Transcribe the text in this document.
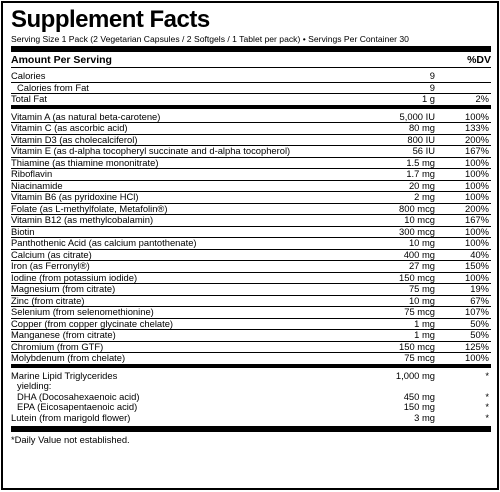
Supplement Facts
Serving Size 1 Pack (2 Vegetarian Capsules / 2 Softgels / 1 Tablet per pack) • Servings Per Container 30
Amount Per Serving	%DV
Calories	9
Calories from Fat	9
Total Fat	1 g	2%
Vitamin A (as natural beta-carotene)	5,000 IU	100%
Vitamin C (as ascorbic acid)	80 mg	133%
Vitamin D3 (as cholecalciferol)	800 IU	200%
Vitamin E (as d-alpha tocopheryl succinate and d-alpha tocopherol)	56 IU	167%
Thiamine (as thiamine mononitrate)	1.5 mg	100%
Riboflavin	1.7 mg	100%
Niacinamide	20 mg	100%
Vitamin B6 (as pyridoxine HCl)	2 mg	100%
Folate (as L-methylfolate, Metafolin®)	800 mcg	200%
Vitamin B12 (as methylcobalamin)	10 mcg	167%
Biotin	300 mcg	100%
Panthothenic Acid (as calcium pantothenate)	10 mg	100%
Calcium (as citrate)	400 mg	40%
Iron (as Ferronyl®)	27 mg	150%
Iodine (from potassium iodide)	150 mcg	100%
Magnesium (from citrate)	75 mg	19%
Zinc (from citrate)	10 mg	67%
Selenium (from selenomethionine)	75 mcg	107%
Copper (from copper glycinate chelate)	1 mg	50%
Manganese (from citrate)	1 mg	50%
Chromium (from GTF)	150 mcg	125%
Molybdenum (from chelate)	75 mcg	100%
Marine Lipid Triglycerides	1,000 mg	*
yielding:
DHA (Docosahexaenoic acid)	450 mg	*
EPA (Eicosapentaenoic acid)	150 mg	*
Lutein (from marigold flower)	3 mg	*
*Daily Value not established.
